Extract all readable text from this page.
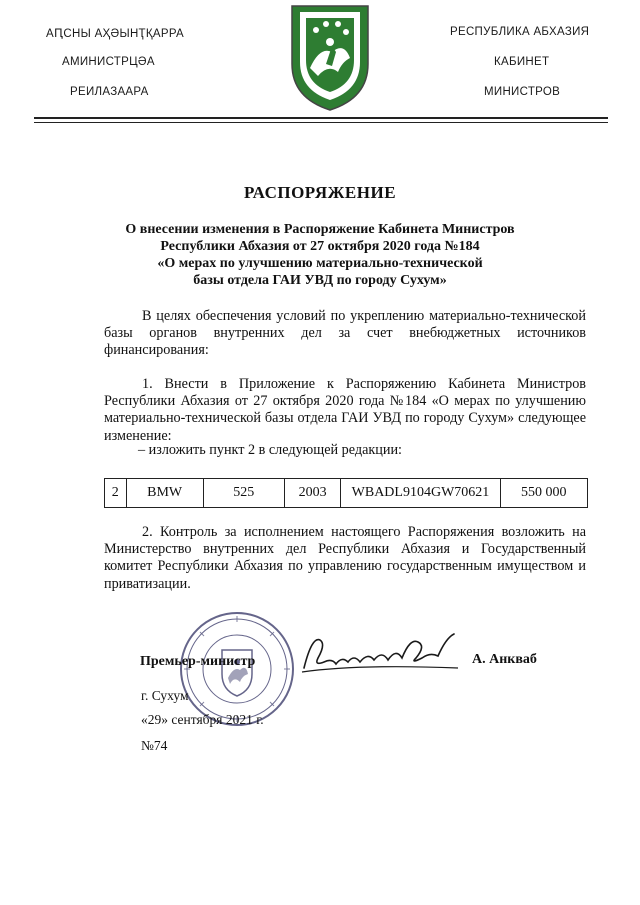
АԤСНЫ АҲӘЫНҬҚАРРА
АМИНИСТРЦӘА
РЕИЛАЗААРА
РЕСПУБЛИКА АБХАЗИЯ
КАБИНЕТ
МИНИСТРОВ
РАСПОРЯЖЕНИЕ
О внесении изменения в Распоряжение Кабинета Министров
Республики Абхазия от 27 октября 2020 года №184
«О мерах по улучшению материально-технической
базы отдела ГАИ УВД по городу Сухум»
В целях обеспечения условий по укреплению материально-технической базы органов внутренних дел за счет внебюджетных источников финансирования:
1. Внести в Приложение к Распоряжению Кабинета Министров Республики Абхазия от 27 октября 2020 года №184 «О мерах по улучшению материально-технической базы отдела ГАИ УВД по городу Сухум» следующее изменение:
– изложить пункт 2 в следующей редакции:
2	BMW	525	2003	WBADL9104GW70621	550 000
2. Контроль за исполнением настоящего Распоряжения возложить на Министерство внутренних дел Республики Абхазия и Государственный комитет Республики Абхазия по управлению государственным имуществом и приватизации.
Премьер-министр	А. Анкваб
г. Сухум
«29» сентября 2021 г.
№74
